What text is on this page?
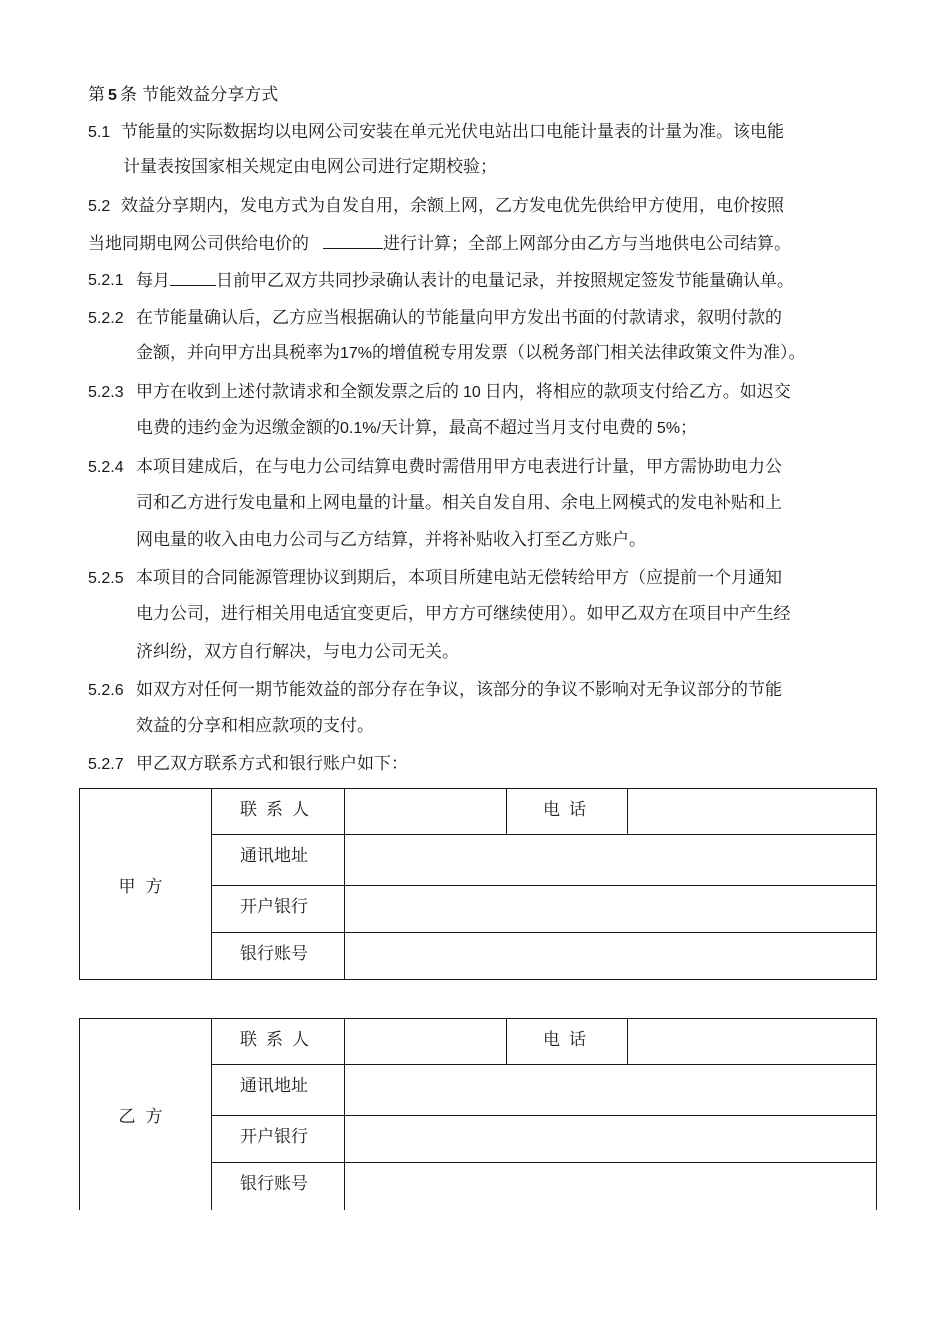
第 5 条 节能效益分享方式
5.1 节能量的实际数据均以电网公司安装在单元光伏电站出口电能计量表的计量为准。该电能
计量表按国家相关规定由电网公司进行定期校验；
5.2 效益分享期内，发电方式为自发自用，余额上网，乙方发电优先供给甲方使用，电价按照
当地同期电网公司供给电价的	进行计算；全部上网部分由乙方与当地供电公司结算。
5.2.1 每月	日前甲乙双方共同抄录确认表计的电量记录，并按照规定签发节能量确认单。
5.2.2 在节能量确认后，乙方应当根据确认的节能量向甲方发出书面的付款请求，叙明付款的
金额，并向甲方出具税率为17%的增值税专用发票（以税务部门相关法律政策文件为准）。
5.2.3 甲方在收到上述付款请求和全额发票之后的 10 日内，将相应的款项支付给乙方。如迟交
电费的违约金为迟缴金额的0.1%/天计算，最高不超过当月支付电费的 5%；
5.2.4 本项目建成后，在与电力公司结算电费时需借用甲方电表进行计量，甲方需协助电力公
司和乙方进行发电量和上网电量的计量。相关自发自用、余电上网模式的发电补贴和上
网电量的收入由电力公司与乙方结算，并将补贴收入打至乙方账户。
5.2.5 本项目的合同能源管理协议到期后，本项目所建电站无偿转给甲方（应提前一个月通知
电力公司，进行相关用电适宜变更后，甲方方可继续使用）。如甲乙双方在项目中产生经
济纠纷，双方自行解决，与电力公司无关。
5.2.6 如双方对任何一期节能效益的部分存在争议，该部分的争议不影响对无争议部分的节能
效益的分享和相应款项的支付。
5.2.7 甲乙双方联系方式和银行账户如下：
甲方	联系人		电话	
	通讯地址			
	开户银行			
	银行账号			
乙方	联系人		电话	
	通讯地址			
	开户银行			
	银行账号			
